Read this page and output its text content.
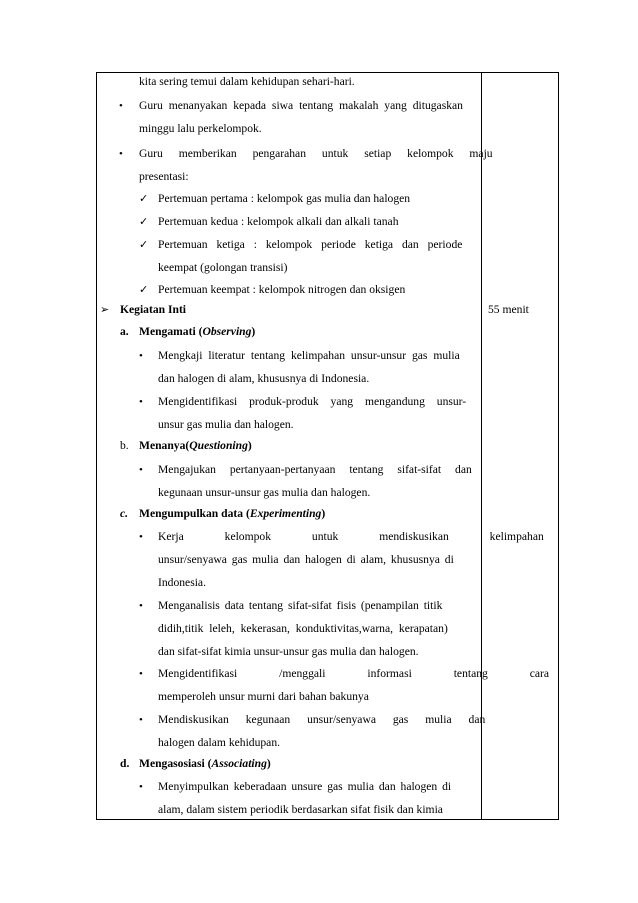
55 menit
kita sering temui dalam kehidupan sehari-hari.
• Guru menanyakan kepada siwa tentang makalah yang ditugaskan
minggu lalu perkelompok.
• Guru memberikan pengarahan untuk setiap kelompok maju
presentasi:
✓ Pertemuan pertama : kelompok gas mulia dan halogen
✓ Pertemuan kedua : kelompok alkali dan alkali tanah
✓ Pertemuan ketiga : kelompok periode ketiga dan periode
keempat (golongan transisi)
✓ Pertemuan keempat : kelompok nitrogen dan oksigen
➢ Kegiatan Inti
a. Mengamati (Observing)
• Mengkaji literatur tentang kelimpahan unsur-unsur gas mulia
dan halogen di alam, khususnya di Indonesia.
• Mengidentifikasi produk-produk yang mengandung unsur-
unsur gas mulia dan halogen.
b. Menanya(Questioning)
• Mengajukan pertanyaan-pertanyaan tentang sifat-sifat dan
kegunaan unsur-unsur gas mulia dan halogen.
c. Mengumpulkan data (Experimenting)
• Kerja kelompok untuk mendiskusikan kelimpahan
unsur/senyawa gas mulia dan halogen di alam, khususnya di
Indonesia.
• Menganalisis data tentang sifat-sifat fisis (penampilan titik
didih,titik leleh, kekerasan, konduktivitas,warna, kerapatan)
dan sifat-sifat kimia unsur-unsur gas mulia dan halogen.
• Mengidentifikasi /menggali informasi tentang cara
memperoleh unsur murni dari bahan bakunya
• Mendiskusikan kegunaan unsur/senyawa gas mulia dan
halogen dalam kehidupan.
d. Mengasosiasi (Associating)
• Menyimpulkan keberadaan unsure gas mulia dan halogen di
alam, dalam sistem periodik berdasarkan sifat fisik dan kimia
